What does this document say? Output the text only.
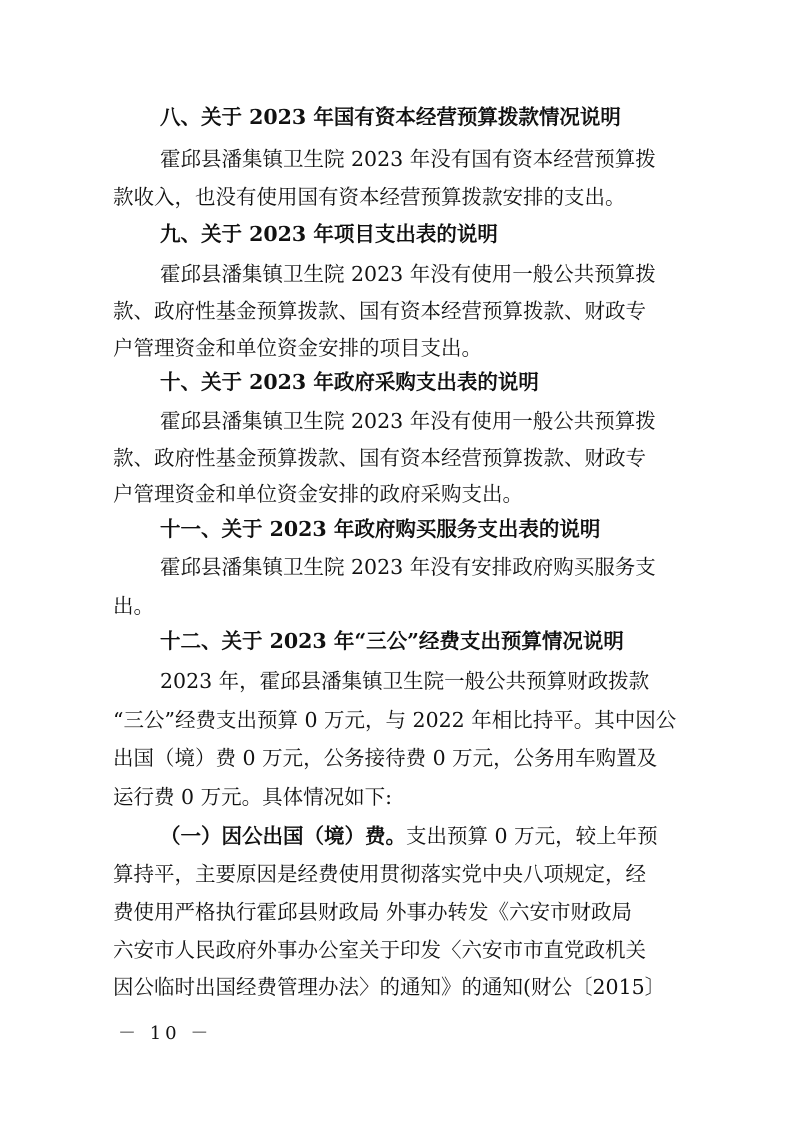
八、关于 2023 年国有资本经营预算拨款情况说明
霍邱县潘集镇卫生院 2023 年没有国有资本经营预算拨
款收入，也没有使用国有资本经营预算拨款安排的支出。
九、关于 2023 年项目支出表的说明
霍邱县潘集镇卫生院 2023 年没有使用一般公共预算拨
款、政府性基金预算拨款、国有资本经营预算拨款、财政专
户管理资金和单位资金安排的项目支出。
十、关于 2023 年政府采购支出表的说明
霍邱县潘集镇卫生院 2023 年没有使用一般公共预算拨
款、政府性基金预算拨款、国有资本经营预算拨款、财政专
户管理资金和单位资金安排的政府采购支出。
十一、关于 2023 年政府购买服务支出表的说明
霍邱县潘集镇卫生院 2023 年没有安排政府购买服务支
出。
十二、关于 2023 年“三公”经费支出预算情况说明
2023 年，霍邱县潘集镇卫生院一般公共预算财政拨款
“三公”经费支出预算 0 万元，与 2022 年相比持平。其中因公
出国（境）费 0 万元，公务接待费 0 万元，公务用车购置及
运行费 0 万元。具体情况如下:
（一）因公出国（境）费。支出预算 0 万元，较上年预
算持平，主要原因是经费使用贯彻落实党中央八项规定，经
费使用严格执行霍邱县财政局 外事办转发《六安市财政局
六安市人民政府外事办公室关于印发〈六安市市直党政机关
因公临时出国经费管理办法〉的通知》的通知(财公〔2015〕
－ 10 －
